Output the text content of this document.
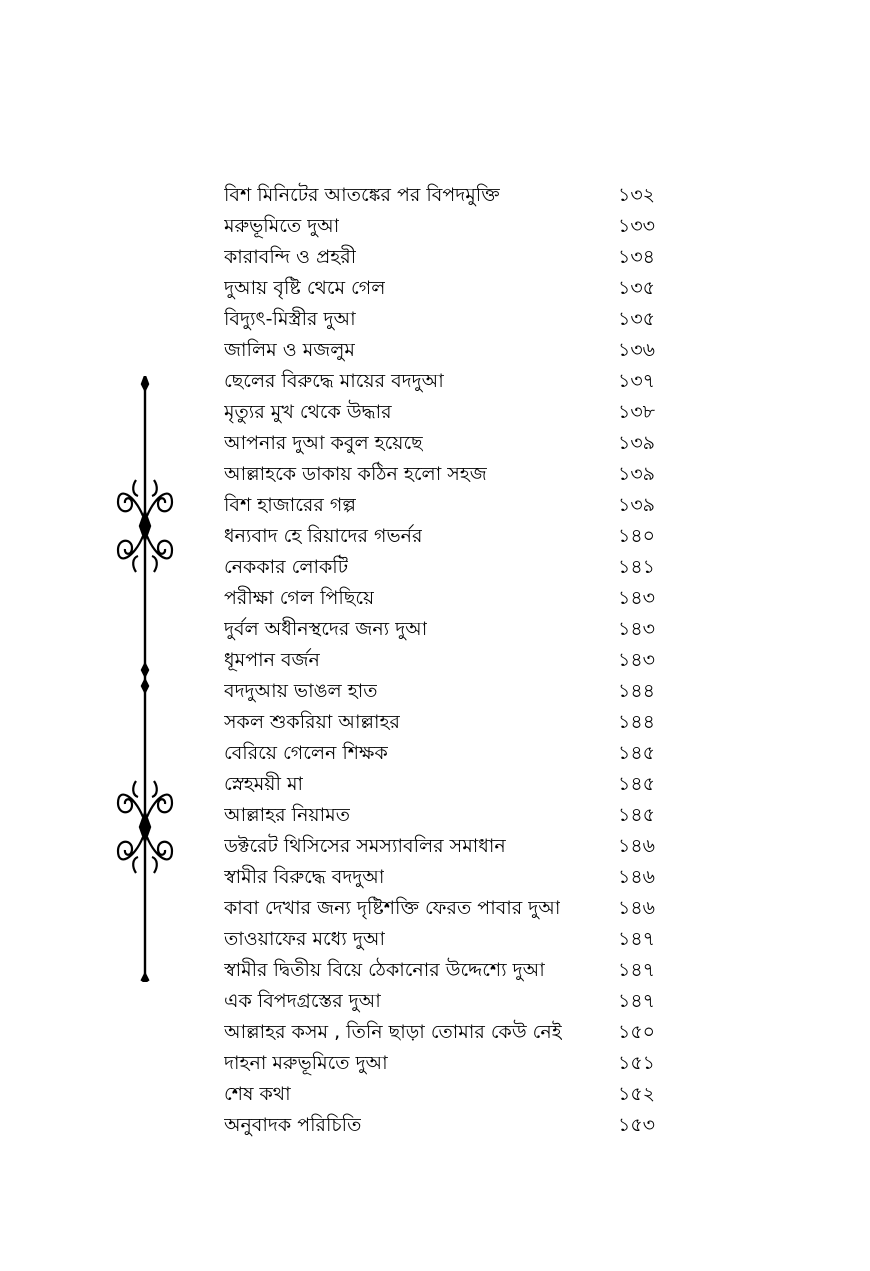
বিশ মিনিটের আতঙ্কের পর বিপদমুক্তি	১৩২
মরুভূমিতে দুআ	১৩৩
কারাবন্দি ও প্রহরী	১৩৪
দুআয় বৃষ্টি থেমে গেল	১৩৫
বিদ্যুৎ-মিস্ত্রীর দুআ	১৩৫
জালিম ও মজলুম	১৩৬
ছেলের বিরুদ্ধে মায়ের বদদুআ	১৩৭
মৃত্যুর মুখ থেকে উদ্ধার	১৩৮
আপনার দুআ কবুল হয়েছে	১৩৯
আল্লাহকে ডাকায় কঠিন হলো সহজ	১৩৯
বিশ হাজারের গল্প	১৩৯
ধন্যবাদ হে রিয়াদের গভর্নর	১৪০
নেককার লোকটি	১৪১
পরীক্ষা গেল পিছিয়ে	১৪৩
দুর্বল অধীনস্থদের জন্য দুআ	১৪৩
ধূমপান বর্জন	১৪৩
বদদুআয় ভাঙল হাত	১৪৪
সকল শুকরিয়া আল্লাহর	১৪৪
বেরিয়ে গেলেন শিক্ষক	১৪৫
স্নেহময়ী মা	১৪৫
আল্লাহর নিয়ামত	১৪৫
ডক্টরেট থিসিসের সমস্যাবলির সমাধান	১৪৬
স্বামীর বিরুদ্ধে বদদুআ	১৪৬
কাবা দেখার জন্য দৃষ্টিশক্তি ফেরত পাবার দুআ	১৪৬
তাওয়াফের মধ্যে দুআ	১৪৭
স্বামীর দ্বিতীয় বিয়ে ঠেকানোর উদ্দেশ্যে দুআ	১৪৭
এক বিপদগ্রস্তের দুআ	১৪৭
আল্লাহর কসম , তিনি ছাড়া তোমার কেউ নেই	১৫০
দাহনা মরুভূমিতে দুআ	১৫১
শেষ কথা	১৫২
অনুবাদক পরিচিতি	১৫৩
